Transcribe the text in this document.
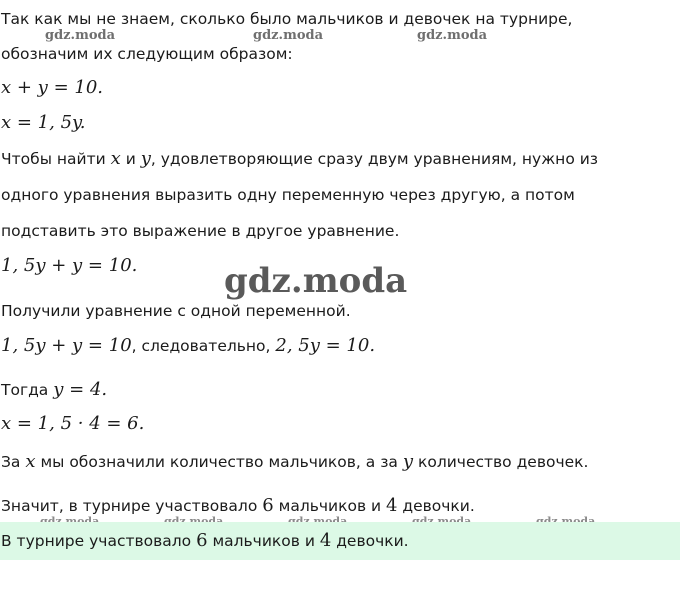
gdz.moda	gdz.moda	gdz.moda
gdz.moda
Так как мы не знаем, сколько было мальчиков и девочек на турнире,
обозначим их следующим образом:
x + y = 10.
x = 1, 5y.
Чтобы найти x и y, удовлетворяющие сразу двум уравнениям, нужно из
одного уравнения выразить одну переменную через другую, а потом
подставить это выражение в другое уравнение.
1, 5y + y = 10.
Получили уравнение с одной переменной.
1, 5y + y = 10, следовательно, 2, 5y = 10.
Тогда y = 4.
x = 1, 5 · 4 = 6.
За x мы обозначили количество мальчиков, а за y количество девочек.
Значит, в турнире участвовало 6 мальчиков и 4 девочки.
В турнире участвовало 6 мальчиков и 4 девочки.
